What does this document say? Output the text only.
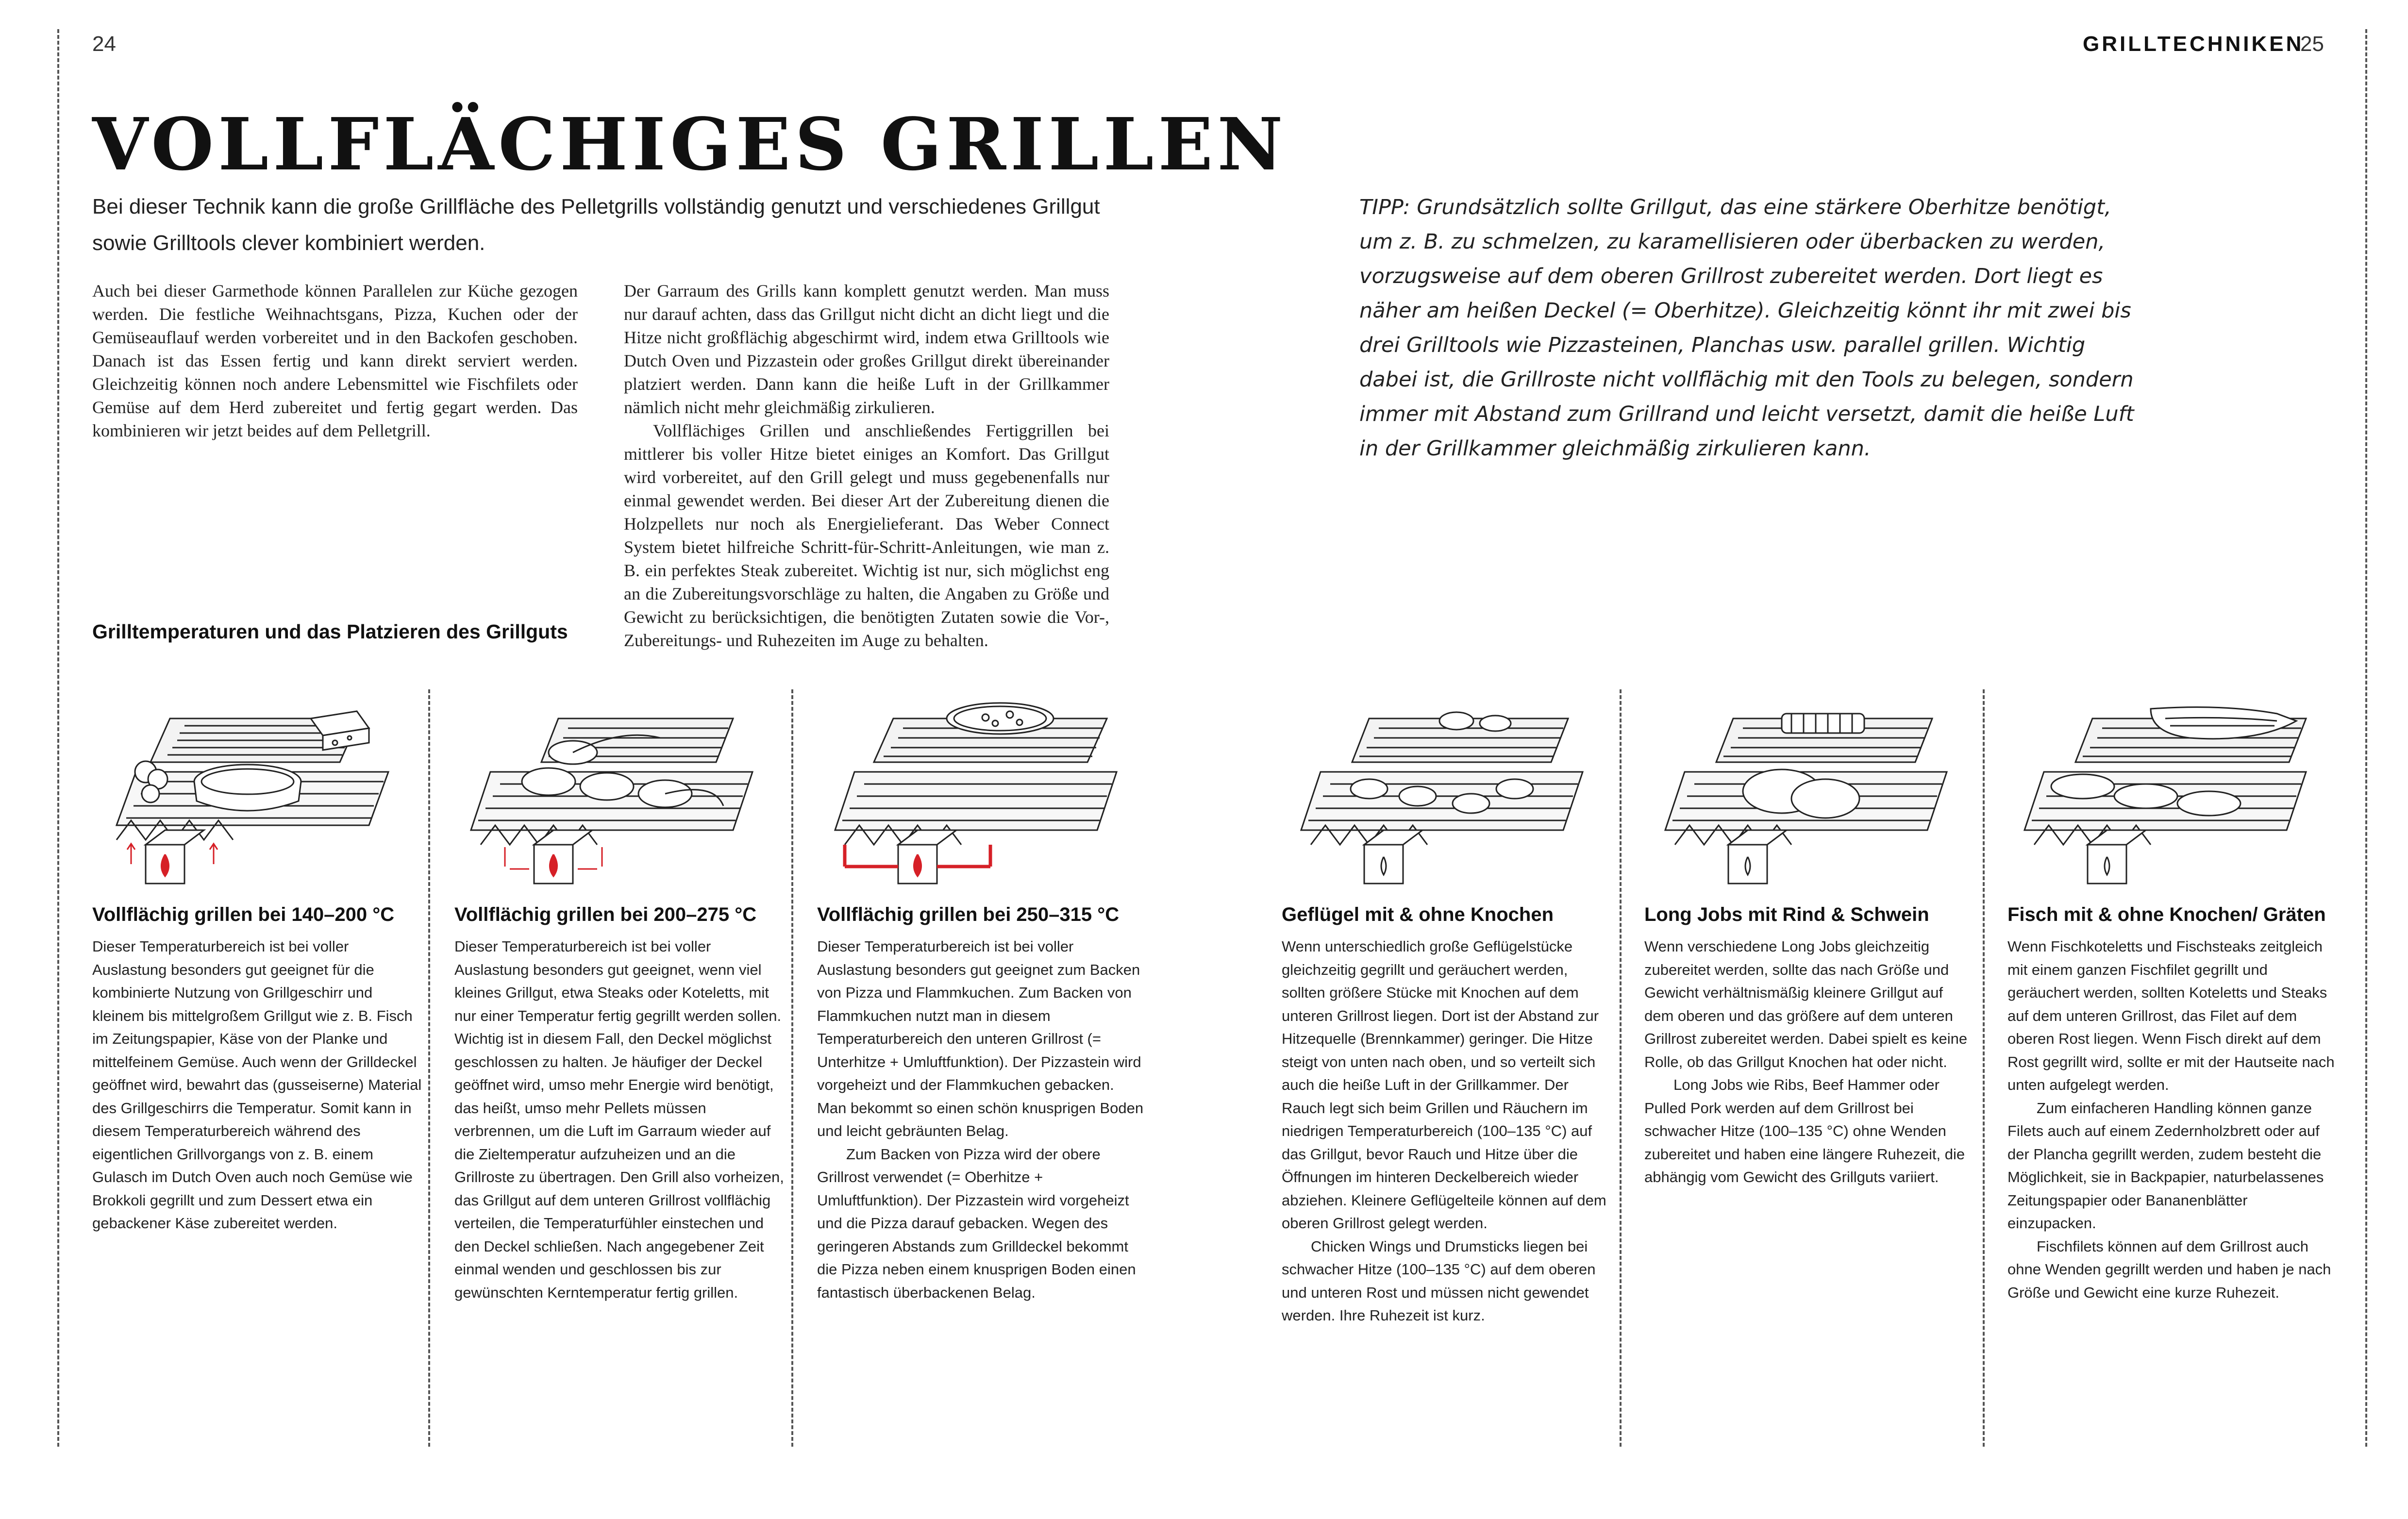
24	GRILLTECHNIKEN
25
VOLLFLÄCHIGES GRILLEN
Bei dieser Technik kann die große Grillfläche des Pelletgrills vollständig genutzt und verschiedenes Grillgut sowie Grilltools clever kombiniert werden.

Auch bei dieser Garmethode können Parallelen zur Küche gezogen werden. Die festliche Weihnachtsgans, Pizza, Kuchen oder der Gemüseauflauf werden vorbereitet und in den Backofen geschoben. Danach ist das Essen fertig und kann direkt serviert werden. Gleichzeitig können noch andere Lebensmittel wie Fischfilets oder Gemüse auf dem Herd zubereitet und fertig gegart werden. Das kombinieren wir jetzt beides auf dem Pelletgrill.

Der Garraum des Grills kann komplett genutzt werden. Man muss nur darauf achten, dass das Grillgut nicht dicht an dicht liegt und die Hitze nicht großflächig abgeschirmt wird, indem etwa Grilltools wie Dutch Oven und Pizzastein oder großes Grillgut direkt übereinander platziert werden. Dann kann die heiße Luft in der Grillkammer nämlich nicht mehr gleichmäßig zirkulieren.

Vollflächiges Grillen und anschließendes Fertiggrillen bei mittlerer bis voller Hitze bietet einiges an Komfort. Das Grillgut wird vorbereitet, auf den Grill gelegt und muss gegebenenfalls nur einmal gewendet werden. Bei dieser Art der Zubereitung dienen die Holzpellets nur noch als Energielieferant. Das Weber Connect System bietet hilfreiche Schritt-für-Schritt-Anleitungen, wie man z. B. ein perfektes Steak zubereitet. Wichtig ist nur, sich möglichst eng an die Zubereitungsvorschläge zu halten, die Angaben zu Größe und Gewicht zu berücksichtigen, die benötigten Zutaten sowie die Vor-, Zubereitungs- und Ruhezeiten im Auge zu behalten.

TIPP: Grundsätzlich sollte Grillgut, das eine stärkere Oberhitze benötigt, um z. B. zu schmelzen, zu karamellisieren oder überbacken zu werden, vorzugsweise auf dem oberen Grillrost zubereitet werden. Dort liegt es näher am heißen Deckel (= Oberhitze). Gleichzeitig könnt ihr mit zwei bis drei Grilltools wie Pizzasteinen, Planchas usw. parallel grillen. Wichtig dabei ist, die Grillroste nicht vollflächig mit den Tools zu belegen, sondern immer mit Abstand zum Grillrand und leicht versetzt, damit die heiße Luft in der Grillkammer gleichmäßig zirkulieren kann.
Grilltemperaturen und das Platzieren des Grillguts
Vollflächig grillen bei 140–200 °C

Dieser Temperaturbereich ist bei voller Auslastung besonders gut geeignet für die kombinierte Nutzung von Grillgeschirr und kleinem bis mittelgroßem Grillgut wie z. B. Fisch im Zeitungspapier, Käse von der Planke und mittelfeinem Gemüse. Auch wenn der Grilldeckel geöffnet wird, bewahrt das (gusseiserne) Material des Grillgeschirrs die Temperatur. Somit kann in diesem Temperaturbereich während des eigentlichen Grillvorgangs von z. B. einem Gulasch im Dutch Oven auch noch Gemüse wie Brokkoli gegrillt und zum Dessert etwa ein gebackener Käse zubereitet werden.

Vollflächig grillen bei 200–275 °C

Dieser Temperaturbereich ist bei voller Auslastung besonders gut geeignet, wenn viel kleines Grillgut, etwa Steaks oder Koteletts, mit nur einer Temperatur fertig gegrillt werden sollen. Wichtig ist in diesem Fall, den Deckel möglichst geschlossen zu halten. Je häufiger der Deckel geöffnet wird, umso mehr Energie wird benötigt, das heißt, umso mehr Pellets müssen verbrennen, um die Luft im Garraum wieder auf die Zieltemperatur aufzuheizen und an die Grillroste zu übertragen. Den Grill also vorheizen, das Grillgut auf dem unteren Grillrost vollflächig verteilen, die Temperaturfühler einstechen und den Deckel schließen. Nach angegebener Zeit einmal wenden und geschlossen bis zur gewünschten Kerntemperatur fertig grillen.

Vollflächig grillen bei 250–315 °C

Dieser Temperaturbereich ist bei voller Auslastung besonders gut geeignet zum Backen von Pizza und Flammkuchen. Zum Backen von Flammkuchen nutzt man in diesem Temperaturbereich den unteren Grillrost (= Unterhitze + Umluftfunktion). Der Pizzastein wird vorgeheizt und der Flammkuchen gebacken. Man bekommt so einen schön knusprigen Boden und leicht gebräunten Belag.

Zum Backen von Pizza wird der obere Grillrost verwendet (= Oberhitze + Umluftfunktion). Der Pizzastein wird vorgeheizt und die Pizza darauf gebacken. Wegen des geringeren Abstands zum Grilldeckel bekommt die Pizza neben einem knusprigen Boden einen fantastisch überbackenen Belag.

Geflügel mit & ohne Knochen

Wenn unterschiedlich große Geflügelstücke gleichzeitig gegrillt und geräuchert werden, sollten größere Stücke mit Knochen auf dem unteren Grillrost liegen. Dort ist der Abstand zur Hitzequelle (Brennkammer) geringer. Die Hitze steigt von unten nach oben, und so verteilt sich auch die heiße Luft in der Grillkammer. Der Rauch legt sich beim Grillen und Räuchern im niedrigen Temperaturbereich (100–135 °C) auf das Grillgut, bevor Rauch und Hitze über die Öffnungen im hinteren Deckelbereich wieder abziehen. Kleinere Geflügelteile können auf dem oberen Grillrost gelegt werden.

Chicken Wings und Drumsticks liegen bei schwacher Hitze (100–135 °C) auf dem oberen und unteren Rost und müssen nicht gewendet werden. Ihre Ruhezeit ist kurz.

Long Jobs mit Rind & Schwein

Wenn verschiedene Long Jobs gleichzeitig zubereitet werden, sollte das nach Größe und Gewicht verhältnismäßig kleinere Grillgut auf dem oberen und das größere auf dem unteren Grillrost zubereitet werden. Dabei spielt es keine Rolle, ob das Grillgut Knochen hat oder nicht.

Long Jobs wie Ribs, Beef Hammer oder Pulled Pork werden auf dem Grillrost bei schwacher Hitze (100–135 °C) ohne Wenden zubereitet und haben eine längere Ruhezeit, die abhängig vom Gewicht des Grillguts variiert.

Fisch mit & ohne Knochen/ Gräten

Wenn Fischkoteletts und Fischsteaks zeitgleich mit einem ganzen Fischfilet gegrillt und geräuchert werden, sollten Koteletts und Steaks auf dem unteren Grillrost, das Filet auf dem oberen Rost liegen. Wenn Fisch direkt auf dem Rost gegrillt wird, sollte er mit der Hautseite nach unten aufgelegt werden.

Zum einfacheren Handling können ganze Filets auch auf einem Zedernholzbrett oder auf der Plancha gegrillt werden, zudem besteht die Möglichkeit, sie in Backpapier, naturbelassenes Zeitungspapier oder Bananenblätter einzupacken.

Fischfilets können auf dem Grillrost auch ohne Wenden gegrillt werden und haben je nach Größe und Gewicht eine kurze Ruhezeit.
